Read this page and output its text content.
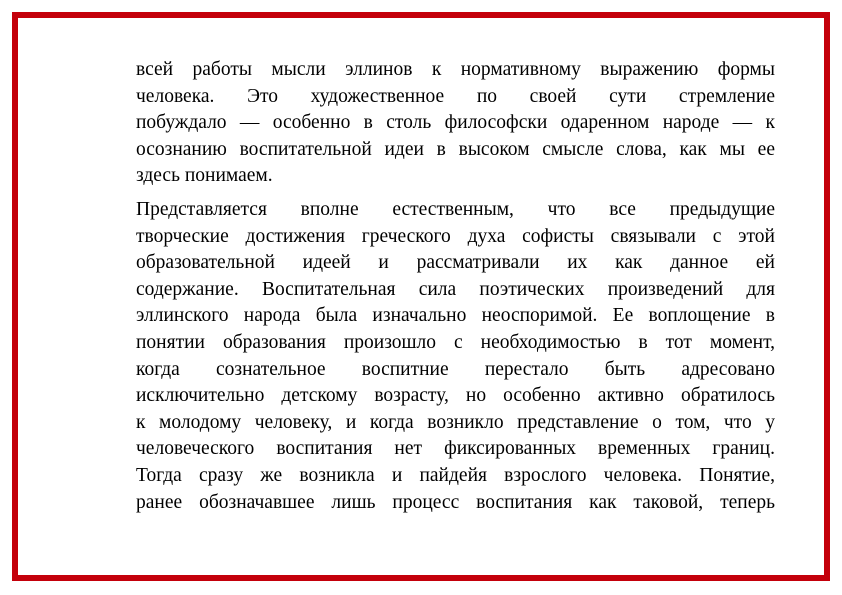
всей работы мысли эллинов к нормативному выражению формы
человека. Это художественное по своей сути стремление
побуждало — особенно в столь философски одаренном народе — к
осознанию воспитательной идеи в высоком смысле слова, как мы ее
здесь понимаем.
Представляется вполне естественным, что все предыдущие
творческие достижения греческого духа софисты связывали с этой
образовательной идеей и рассматривали их как данное ей
содержание. Воспитательная сила поэтических произведений для
эллинского народа была изначально неоспоримой. Ее воплощение в
понятии образования произошло с необходимостью в тот момент,
когда сознательное воспитние перестало быть адресовано
исключительно детскому возрасту, но особенно активно обратилось
к молодому человеку, и когда возникло представление о том, что у
человеческого воспитания нет фиксированных временных границ.
Тогда сразу же возникла и пайдейя взрослого человека. Понятие,
ранее обозначавшее лишь процесс воспитания как таковой, теперь
